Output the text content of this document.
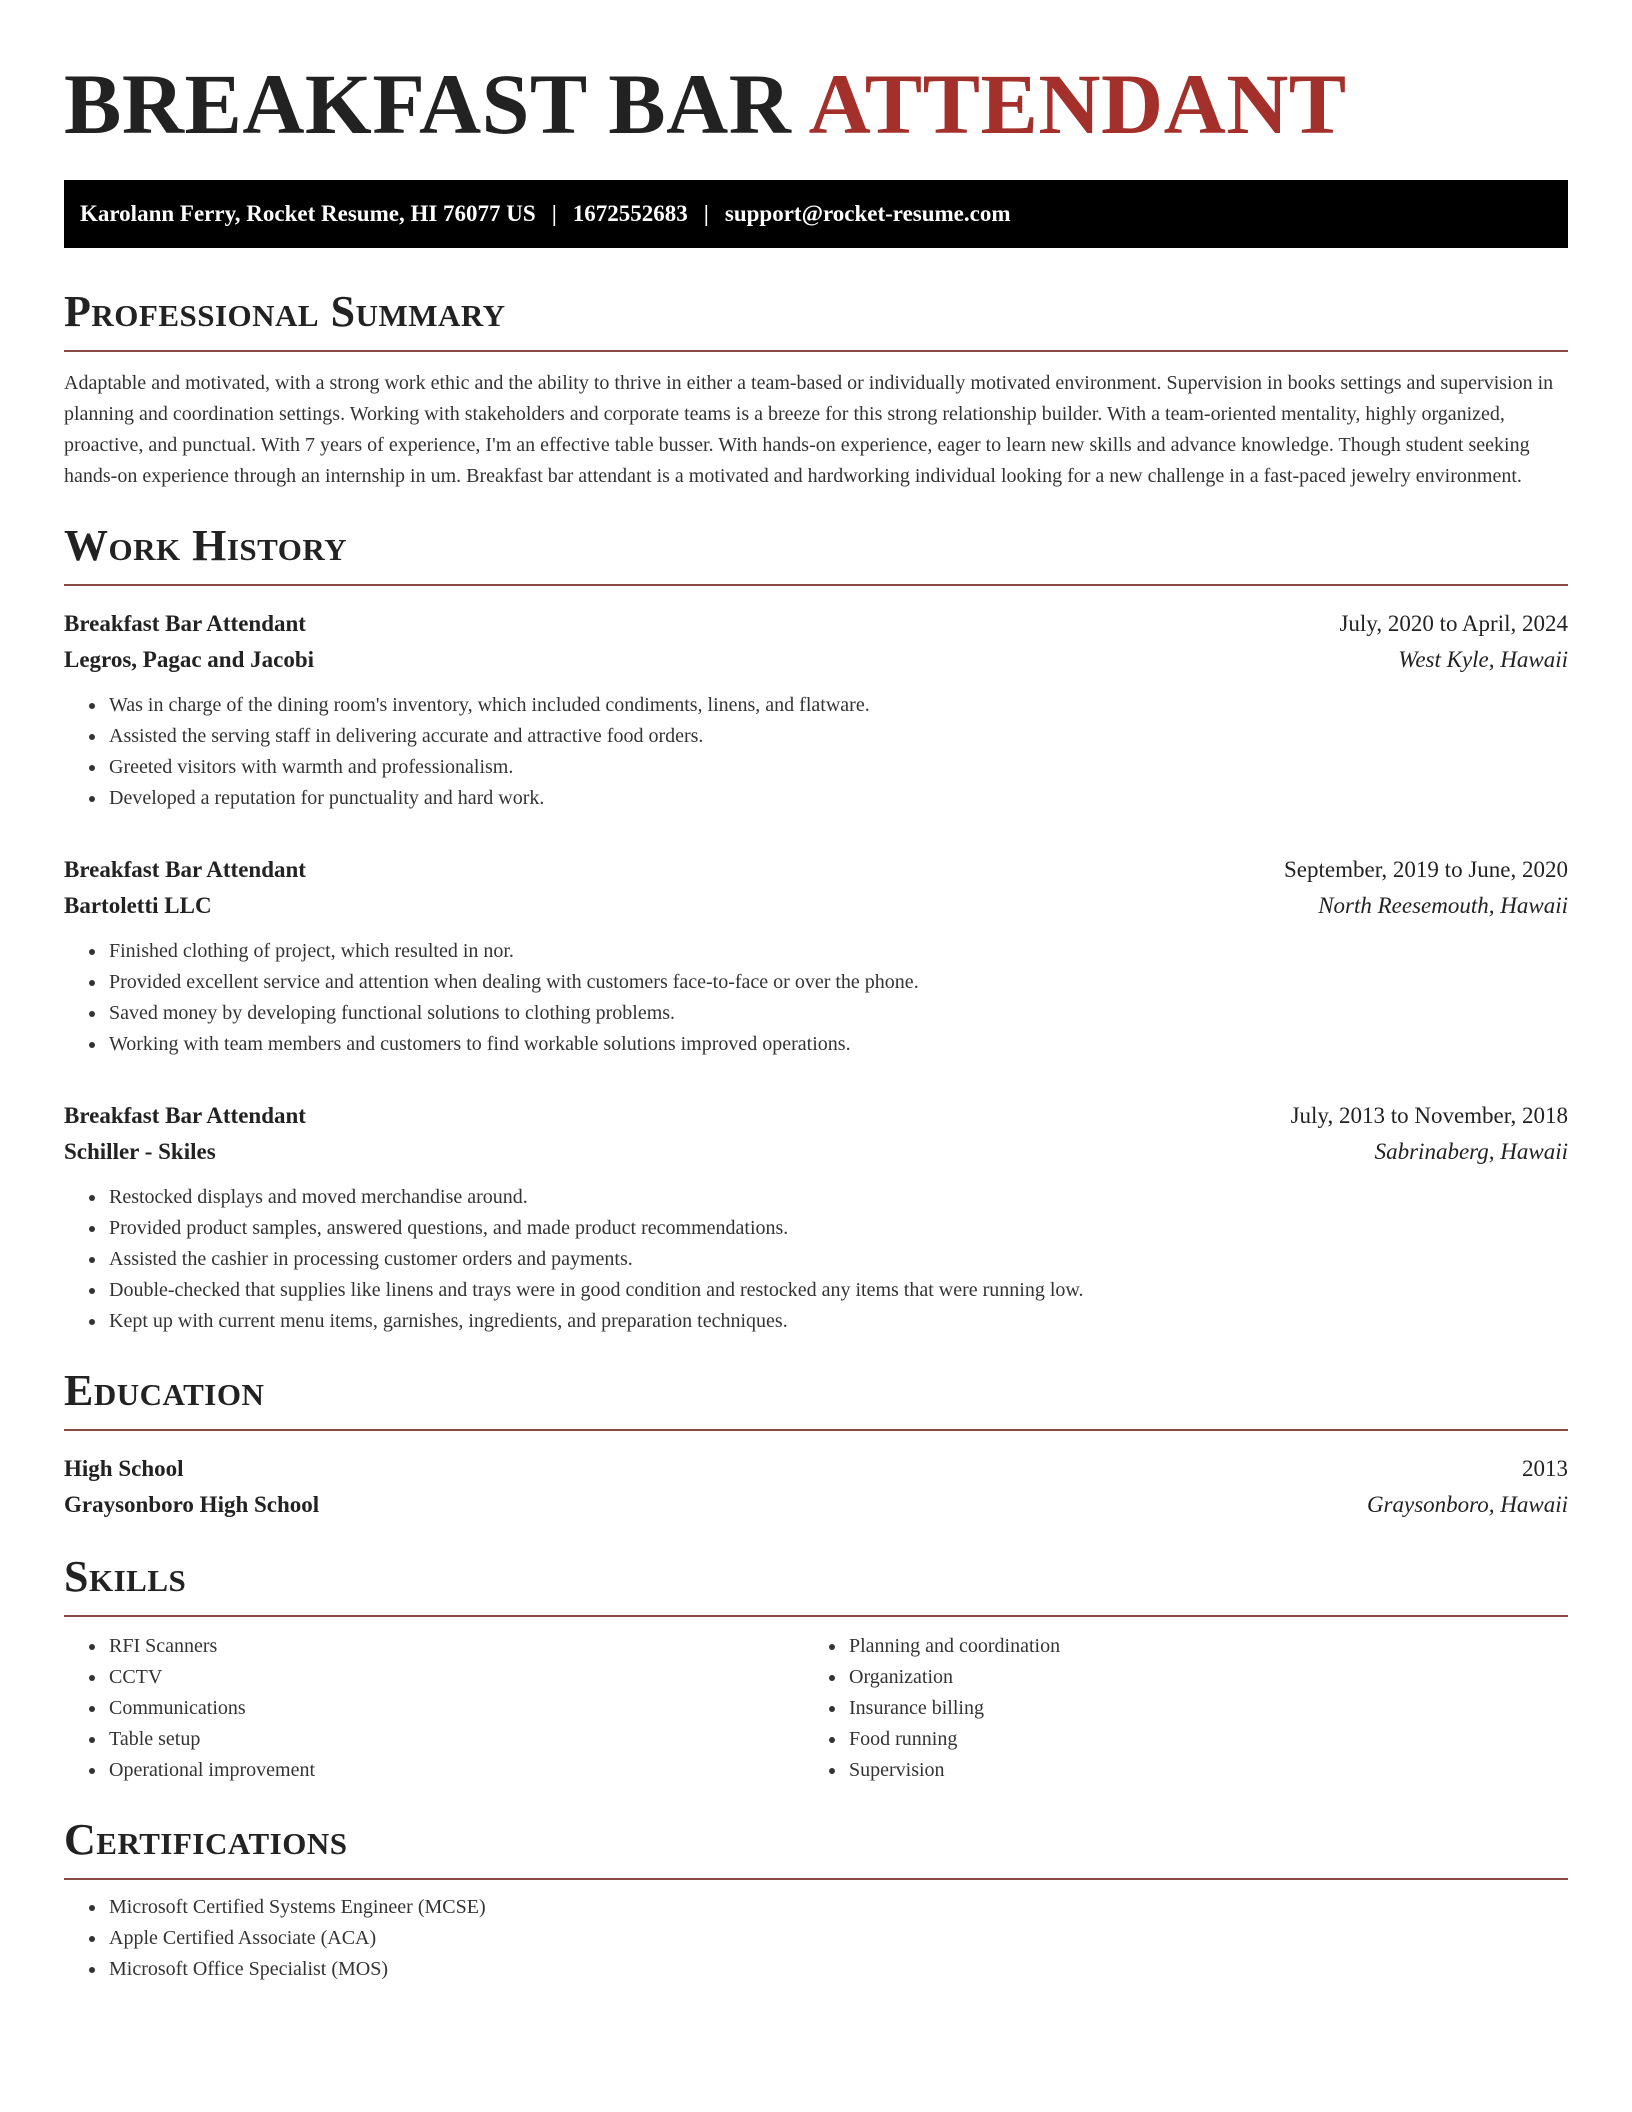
BREAKFAST BAR ATTENDANT
Karolann Ferry, Rocket Resume, HI 76077 US | 1672552683 | support@rocket-resume.com
Professional Summary

Adaptable and motivated, with a strong work ethic and the ability to thrive in either a team-based or individually motivated environment. Supervision in books settings and supervision in planning and coordination settings. Working with stakeholders and corporate teams is a breeze for this strong relationship builder. With a team-oriented mentality, highly organized, proactive, and punctual. With 7 years of experience, I'm an effective table busser. With hands-on experience, eager to learn new skills and advance knowledge. Though student seeking hands-on experience through an internship in um. Breakfast bar attendant is a motivated and hardworking individual looking for a new challenge in a fast-paced jewelry environment.

Work History
Breakfast Bar Attendant	July, 2020 to April, 2024
Legros, Pagac and Jacobi	West Kyle, Hawaii
• Was in charge of the dining room's inventory, which included condiments, linens, and flatware.
• Assisted the serving staff in delivering accurate and attractive food orders.
• Greeted visitors with warmth and professionalism.
• Developed a reputation for punctuality and hard work.
Breakfast Bar Attendant	September, 2019 to June, 2020
Bartoletti LLC	North Reesemouth, Hawaii
• Finished clothing of project, which resulted in nor.
• Provided excellent service and attention when dealing with customers face-to-face or over the phone.
• Saved money by developing functional solutions to clothing problems.
• Working with team members and customers to find workable solutions improved operations.
Breakfast Bar Attendant	July, 2013 to November, 2018
Schiller - Skiles	Sabrinaberg, Hawaii
• Restocked displays and moved merchandise around.
• Provided product samples, answered questions, and made product recommendations.
• Assisted the cashier in processing customer orders and payments.
• Double-checked that supplies like linens and trays were in good condition and restocked any items that were running low.
• Kept up with current menu items, garnishes, ingredients, and preparation techniques.
Education
High School	2013
Graysonboro High School	Graysonboro, Hawaii
Skills
• RFI Scanners
• CCTV
• Communications
• Table setup
• Operational improvement
• Planning and coordination
• Organization
• Insurance billing
• Food running
• Supervision
Certifications
• Microsoft Certified Systems Engineer (MCSE)
• Apple Certified Associate (ACA)
• Microsoft Office Specialist (MOS)
